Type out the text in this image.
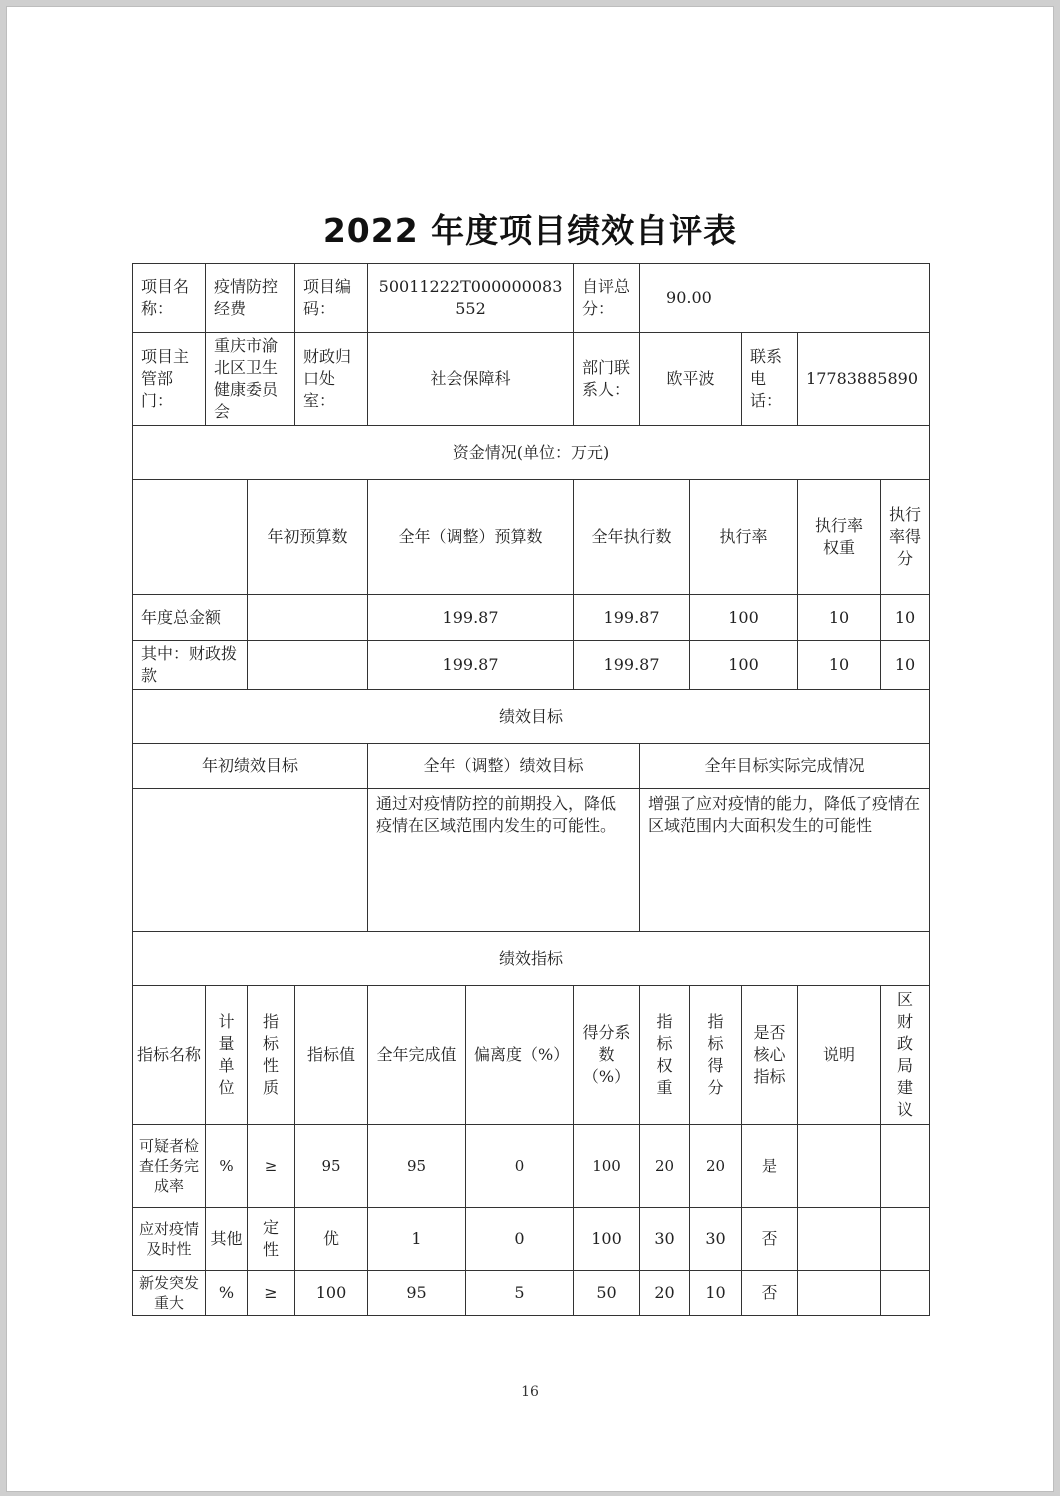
2022 年度项目绩效自评表
项目名称：	疫情防控经费		项目编码：	50011222T000000083552		自评总分：	90.00				
项目主管部门：	重庆市渝北区卫生健康委员会		财政归口处室：	社会保障科		部门联系人：	欧平波		联系电话：	17783885890	
资金情况(单位：万元)											
		年初预算数		全年（调整）预算数		全年执行数		执行率		执行率权重	执行率得分
年度总金额				199.87		199.87		100		10	10
其中：财政拨款				199.87		199.87		100		10	10
绩效目标											
年初绩效目标				全年（调整）绩效目标			全年目标实际完成情况				
				通过对疫情防控的前期投入，降低疫情在区域范围内发生的可能性。			增强了应对疫情的能力，降低了疫情在区域范围内大面积发生的可能性				
绩效指标											
指标名称	计量单位	指标性质	指标值	全年完成值	偏离度（%）	得分系数（%）	指标权重	指标得分	是否核心指标	说明	区财政局建议
可疑者检查任务完成率	%	≥	95	95	0	100	20	20	是		
应对疫情及时性	其他	定性	优	1	0	100	30	30	否		
新发突发重大	%	≥	100	95	5	50	20	10	否		
16
